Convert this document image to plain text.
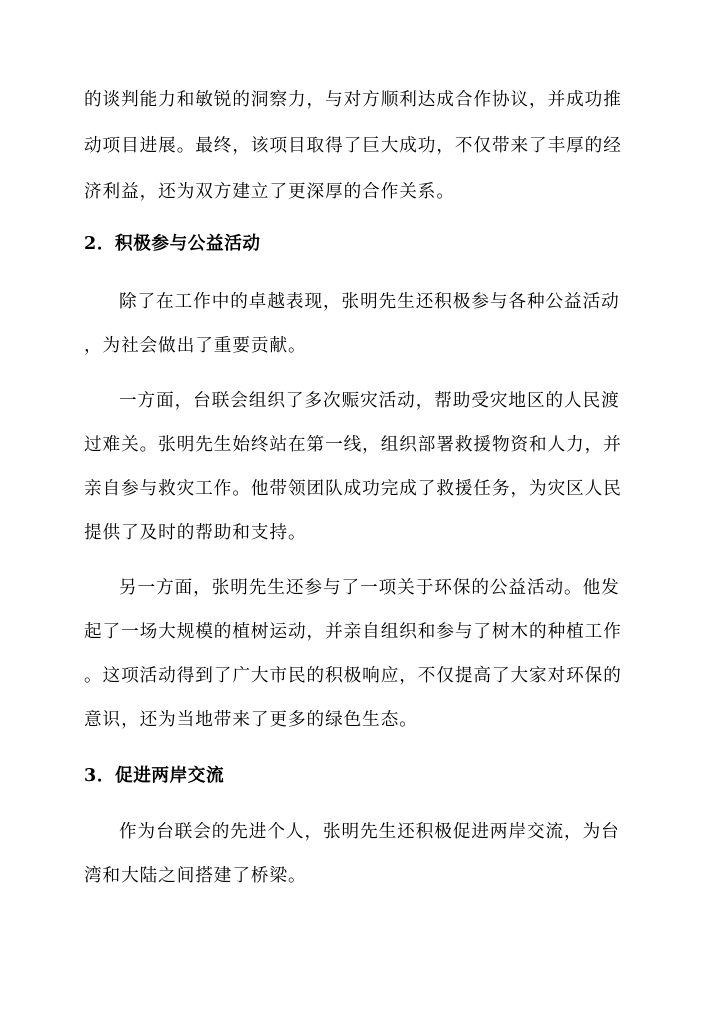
的谈判能力和敏锐的洞察力，与对方顺利达成合作协议，并成功推
动项目进展。最终，该项目取得了巨大成功，不仅带来了丰厚的经
济利益，还为双方建立了更深厚的合作关系。
2．积极参与公益活动
除了在工作中的卓越表现，张明先生还积极参与各种公益活动
，为社会做出了重要贡献。
一方面，台联会组织了多次赈灾活动，帮助受灾地区的人民渡
过难关。张明先生始终站在第一线，组织部署救援物资和人力，并
亲自参与救灾工作。他带领团队成功完成了救援任务，为灾区人民
提供了及时的帮助和支持。
另一方面，张明先生还参与了一项关于环保的公益活动。他发
起了一场大规模的植树运动，并亲自组织和参与了树木的种植工作
。这项活动得到了广大市民的积极响应，不仅提高了大家对环保的
意识，还为当地带来了更多的绿色生态。
3．促进两岸交流
作为台联会的先进个人，张明先生还积极促进两岸交流，为台
湾和大陆之间搭建了桥梁。
